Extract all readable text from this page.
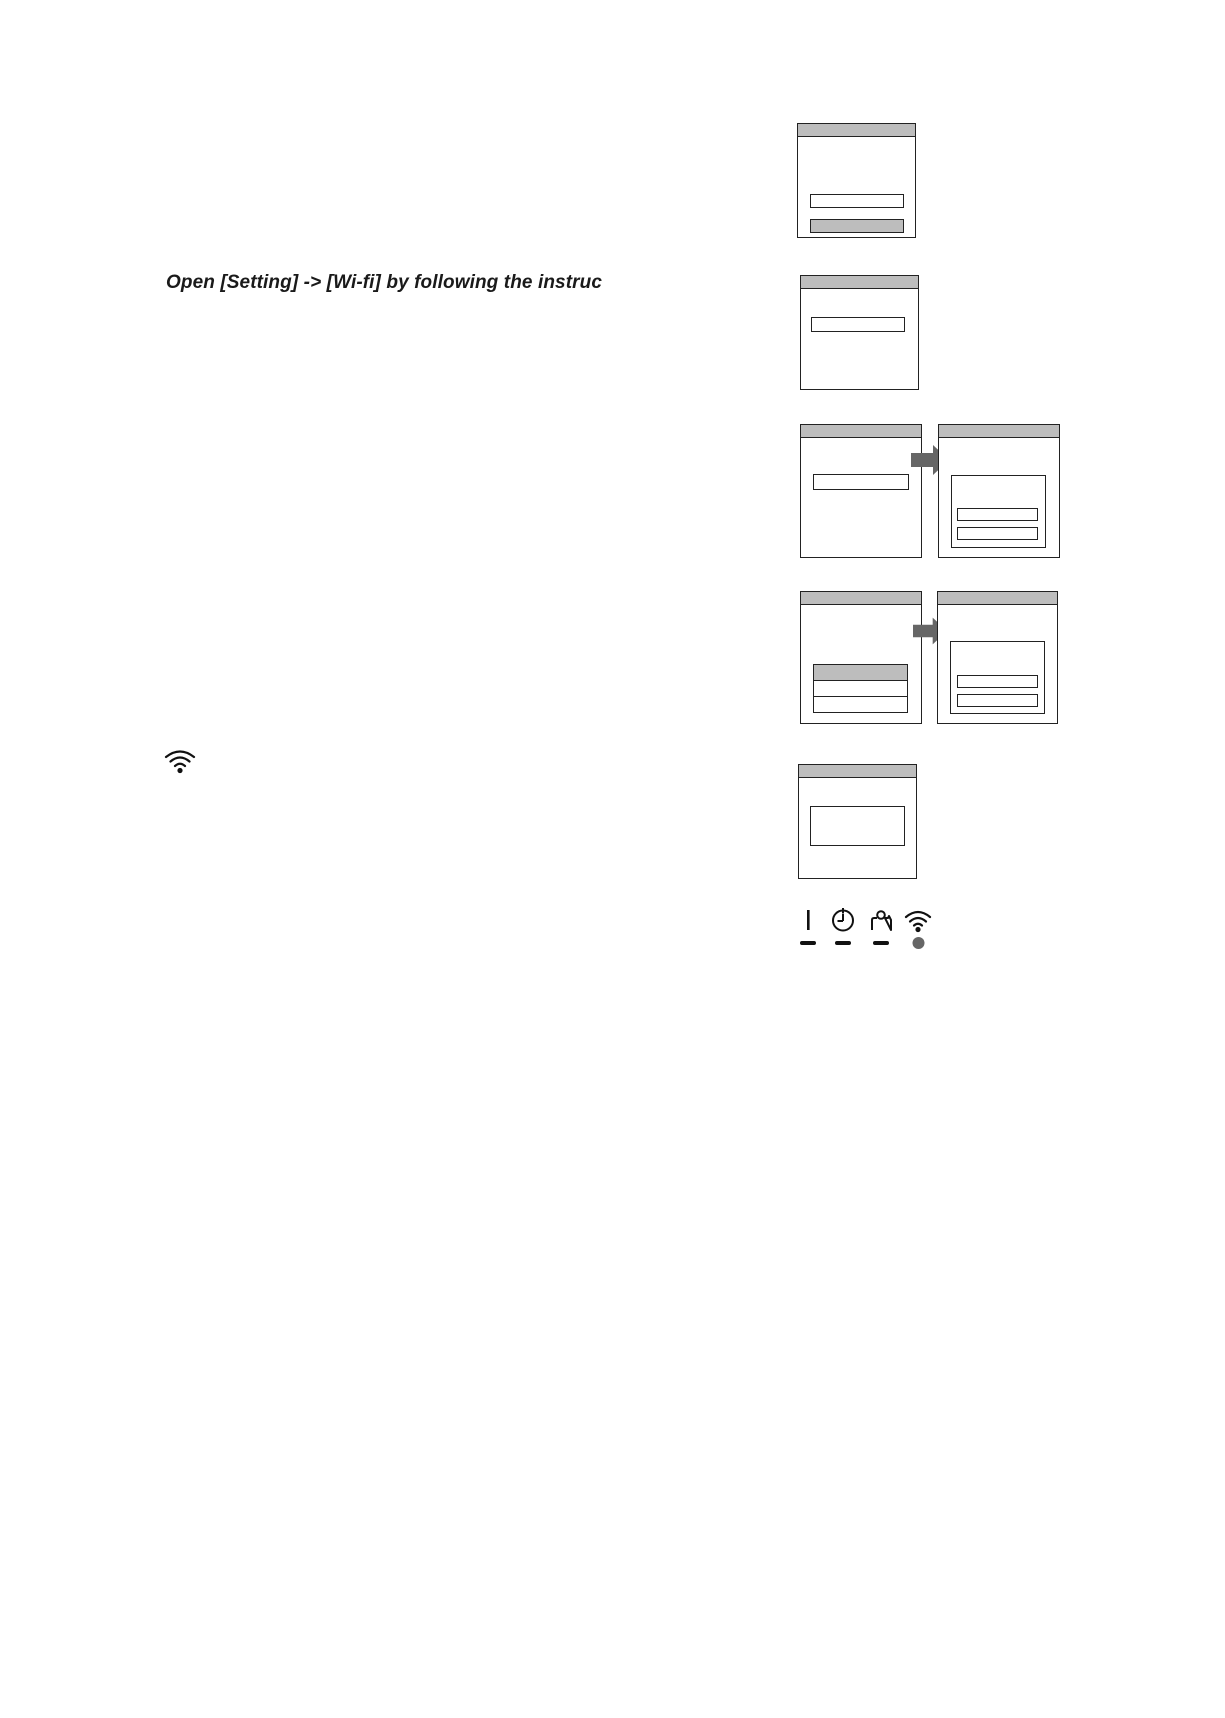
Open [Setting] -> [Wi-fi] by following the instruc
